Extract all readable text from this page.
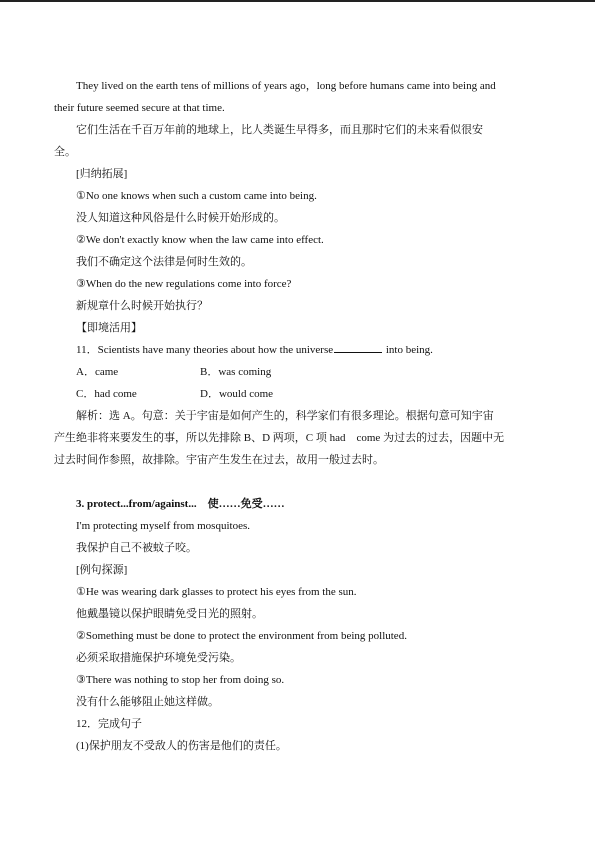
They lived on the earth tens of millions of years ago，long before humans came into being and
their future seemed secure at that time.
它们生活在千百万年前的地球上，比人类诞生早得多，而且那时它们的未来看似很安
全。
[归纳拓展]
①No one knows when such a custom came into being.
没人知道这种风俗是什么时候开始形成的。
②We don't exactly know when the law came into effect.
我们不确定这个法律是何时生效的。
③When do the new regulations come into force?
新规章什么时候开始执行？
【即境活用】
11．Scientists have many theories about how the universe	into being.
A．came	B．was coming
C．had come	D．would come
解析：选 A。句意：关于宇宙是如何产生的，科学家们有很多理论。根据句意可知宇宙
产生绝非将来要发生的事，所以先排除 B、D 两项，C 项 had　come 为过去的过去，因题中无
过去时间作参照，故排除。宇宙产生发生在过去，故用一般过去时。
3. protect...from/against...　使……免受……
I'm protecting myself from mosquitoes.
我保护自己不被蚊子咬。
[例句探源]
①He was wearing dark glasses to protect his eyes from the sun.
他戴墨镜以保护眼睛免受日光的照射。
②Something must be done to protect the environment from being polluted.
必须采取措施保护环境免受污染。
③There was nothing to stop her from doing so.
没有什么能够阻止她这样做。
12．完成句子
(1)保护朋友不受敌人的伤害是他们的责任。
